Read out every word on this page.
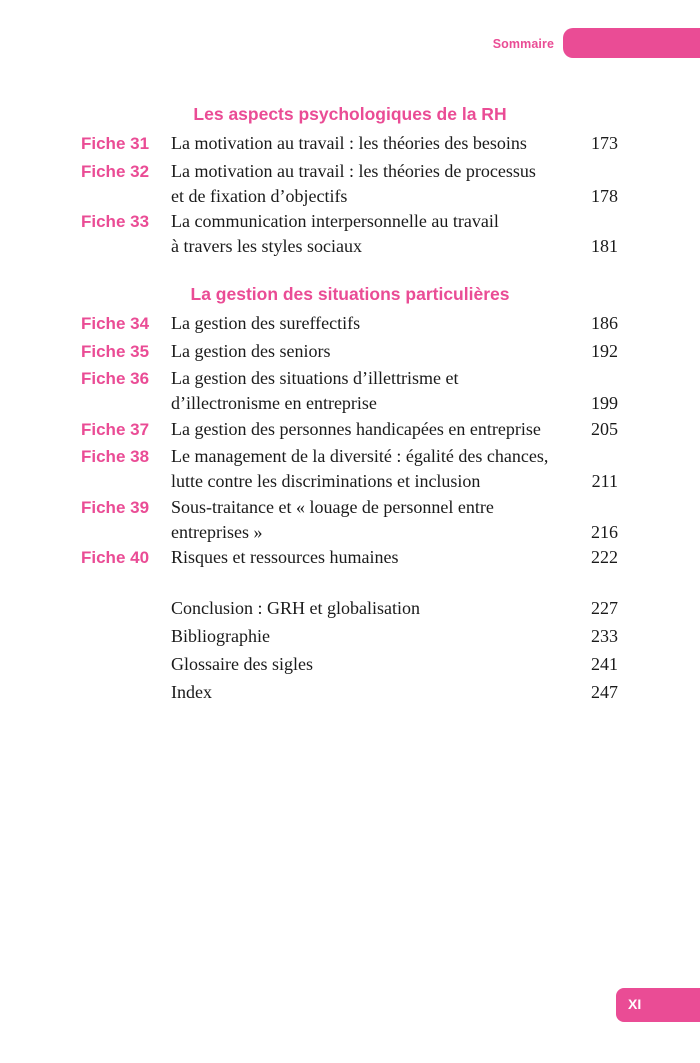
Sommaire
Les aspects psychologiques de la RH
Fiche 31 La motivation au travail : les théories des besoins	173
Fiche 32 La motivation au travail : les théories de processus
et de fixation d’objectifs	178
Fiche 33 La communication interpersonnelle au travail
à travers les styles sociaux	181
La gestion des situations particulières
Fiche 34 La gestion des sureffectifs	186
Fiche 35 La gestion des seniors	192
Fiche 36 La gestion des situations d’illettrisme et
d’illectronisme en entreprise	199
Fiche 37 La gestion des personnes handicapées en entreprise	205
Fiche 38 Le management de la diversité : égalité des chances,
lutte contre les discriminations et inclusion	211
Fiche 39 Sous-traitance et « louage de personnel entre
entreprises »	216
Fiche 40 Risques et ressources humaines	222
Conclusion : GRH et globalisation	227
Bibliographie	233
Glossaire des sigles	241
Index	247
XI
